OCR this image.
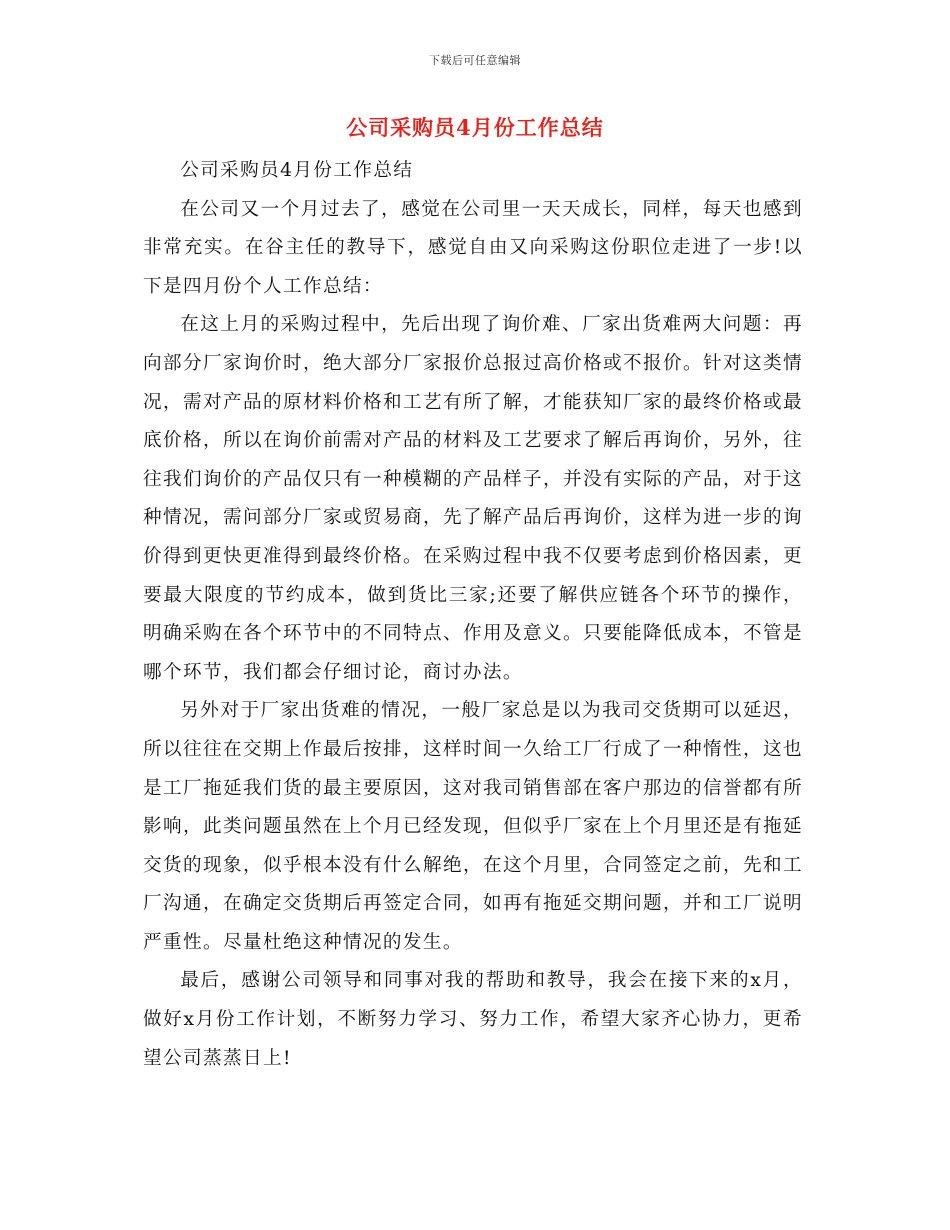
下载后可任意编辑
公司采购员4月份工作总结

公司采购员4月份工作总结

在公司又一个月过去了，感觉在公司里一天天成长，同样，每天也感到非常充实。在谷主任的教导下，感觉自由又向采购这份职位走进了一步!以下是四月份个人工作总结：

在这上月的采购过程中，先后出现了询价难、厂家出货难两大问题：再向部分厂家询价时，绝大部分厂家报价总报过高价格或不报价。针对这类情况，需对产品的原材料价格和工艺有所了解，才能获知厂家的最终价格或最底价格，所以在询价前需对产品的材料及工艺要求了解后再询价，另外，往往我们询价的产品仅只有一种模糊的产品样子，并没有实际的产品，对于这种情况，需问部分厂家或贸易商，先了解产品后再询价，这样为进一步的询价得到更快更准得到最终价格。在采购过程中我不仅要考虑到价格因素，更要最大限度的节约成本，做到货比三家;还要了解供应链各个环节的操作，明确采购在各个环节中的不同特点、作用及意义。只要能降低成本，不管是哪个环节，我们都会仔细讨论，商讨办法。

另外对于厂家出货难的情况，一般厂家总是以为我司交货期可以延迟，所以往往在交期上作最后按排，这样时间一久给工厂行成了一种惰性，这也是工厂拖延我们货的最主要原因，这对我司销售部在客户那边的信誉都有所影响，此类问题虽然在上个月已经发现，但似乎厂家在上个月里还是有拖延交货的现象，似乎根本没有什么解绝，在这个月里，合同签定之前，先和工厂沟通，在确定交货期后再签定合同，如再有拖延交期问题，并和工厂说明严重性。尽量杜绝这种情况的发生。

最后，感谢公司领导和同事对我的帮助和教导，我会在接下来的x月，做好x月份工作计划，不断努力学习、努力工作，希望大家齐心协力，更希望公司蒸蒸日上!
